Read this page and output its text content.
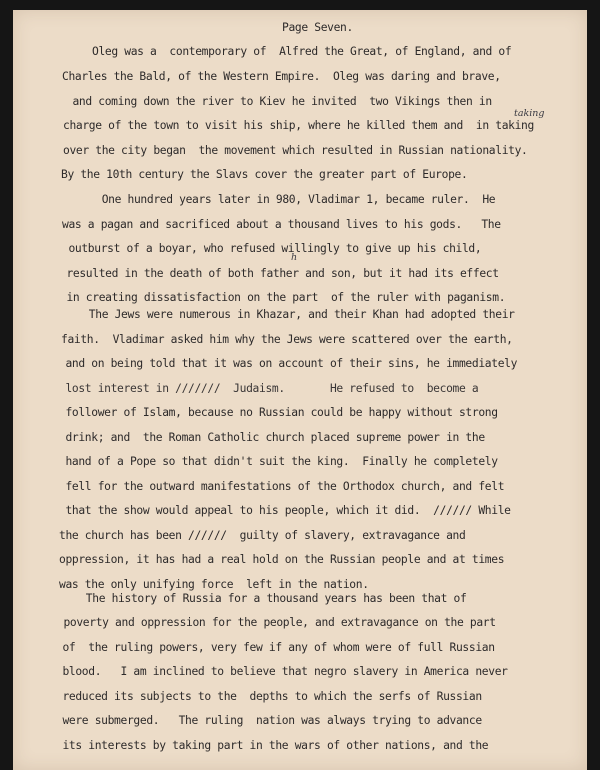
Page Seven.
Oleg was a  contemporary of  Alfred the Great, of England, and of
Charles the Bald, of the Western Empire.  Oleg was daring and brave,
and coming down the river to Kiev he invited  two Vikings then in
charge of the town to visit his ship, where he killed them and  in taking
over the city began  the movement which resulted in Russian nationality.
By the 10th century the Slavs cover the greater part of Europe.
One hundred years later in 980, Vladimar 1, became ruler.  He
was a pagan and sacrificed about a thousand lives to his gods.   The
outburst of a boyar, who refused willingly to give up his child,
resulted in the death of both father and son, but it had its effect
in creating dissatisfaction on the part  of the ruler with paganism.
The Jews were numerous in Khazar, and their Khan had adopted their
faith.  Vladimar asked him why the Jews were scattered over the earth,
and on being told that it was on account of their sins, he immediately
lost interest in ///////  Judaism.       He refused to  become a
follower of Islam, because no Russian could be happy without strong
drink; and  the Roman Catholic church placed supreme power in the
hand of a Pope so that didn't suit the king.  Finally he completely
fell for the outward manifestations of the Orthodox church, and felt
that the show would appeal to his people, which it did.  ////// While
the church has been //////  guilty of slavery, extravagance and
oppression, it has had a real hold on the Russian people and at times
was the only unifying force  left in the nation.
The history of Russia for a thousand years has been that of
poverty and oppression for the people, and extravagance on the part
of  the ruling powers, very few if any of whom were of full Russian
blood.   I am inclined to believe that negro slavery in America never
reduced its subjects to the  depths to which the serfs of Russian
were submerged.   The ruling  nation was always trying to advance
its interests by taking part in the wars of other nations, and the
taking
h
